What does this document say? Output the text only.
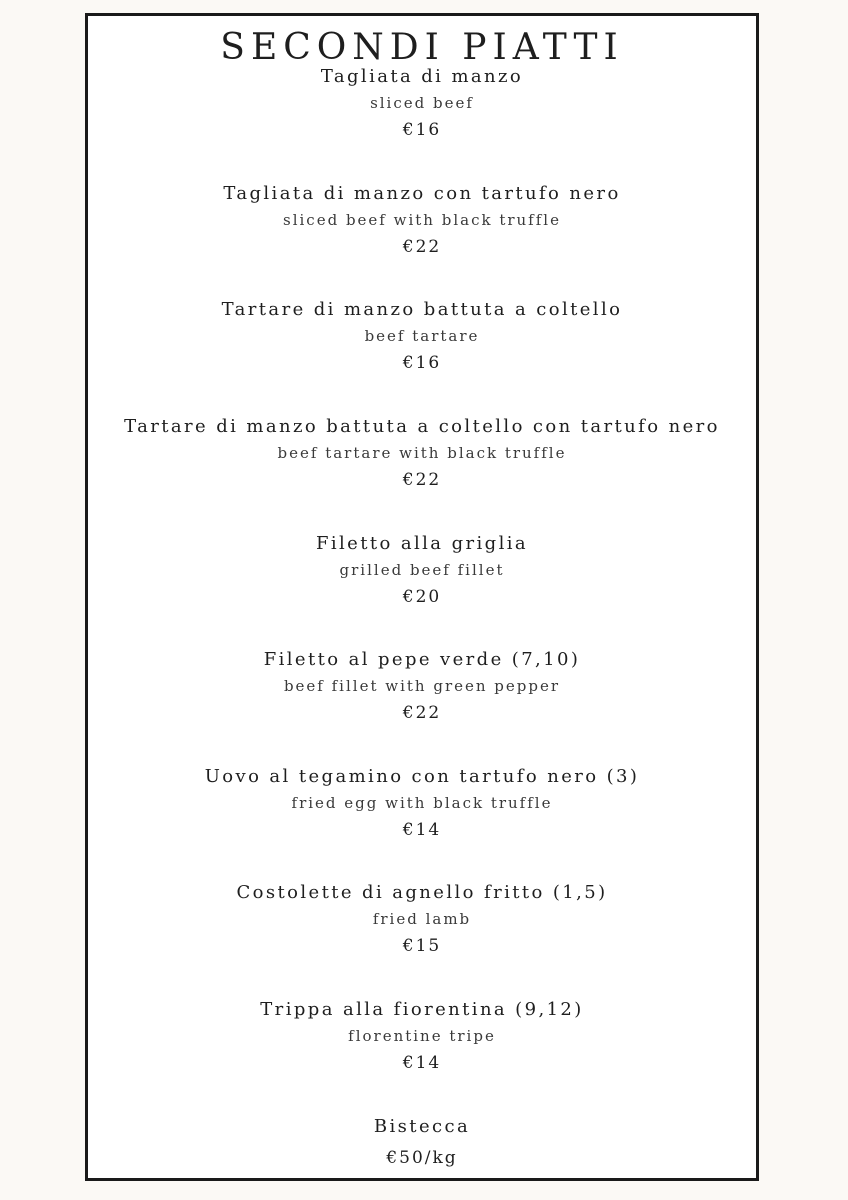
SECONDI PIATTI
Tagliata di manzo
sliced beef
€16
Tagliata di manzo con tartufo nero
sliced beef with black truffle
€22
Tartare di manzo battuta a coltello
beef tartare
€16
Tartare di manzo battuta a coltello con tartufo nero
beef tartare with black truffle
€22
Filetto alla griglia
grilled beef fillet
€20
Filetto al pepe verde (7,10)
beef fillet with green pepper
€22
Uovo al tegamino con tartufo nero (3)
fried egg with black truffle
€14
Costolette di agnello fritto (1,5)
fried lamb
€15
Trippa alla fiorentina (9,12)
florentine tripe
€14
Bistecca
€50/kg
